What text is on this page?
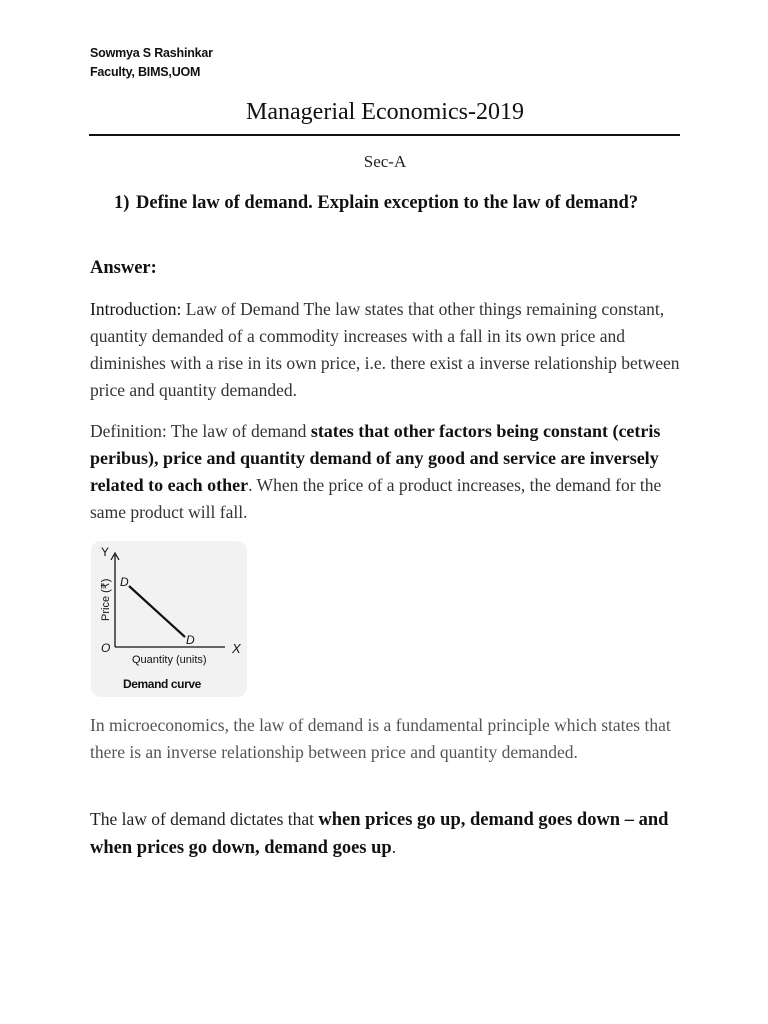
Sowmya S Rashinkar
Faculty, BIMS,UOM
Managerial Economics-2019
Sec-A
1) Define law of demand. Explain exception to the law of demand?
Answer:

Introduction: Law of Demand The law states that other things remaining constant, quantity demanded of a commodity increases with a fall in its own price and diminishes with a rise in its own price, i.e. there exist a inverse relationship between price and quantity demanded.

Definition: The law of demand states that other factors being constant (cetris peribus), price and quantity demand of any good and service are inversely related to each other. When the price of a product increases, the demand for the same product will fall.

Y
X
O
D
D
Price (₹)
Quantity (units)
Demand curve

In microeconomics, the law of demand is a fundamental principle which states that there is an inverse relationship between price and quantity demanded.

The law of demand dictates that when prices go up, demand goes down – and when prices go down, demand goes up.
